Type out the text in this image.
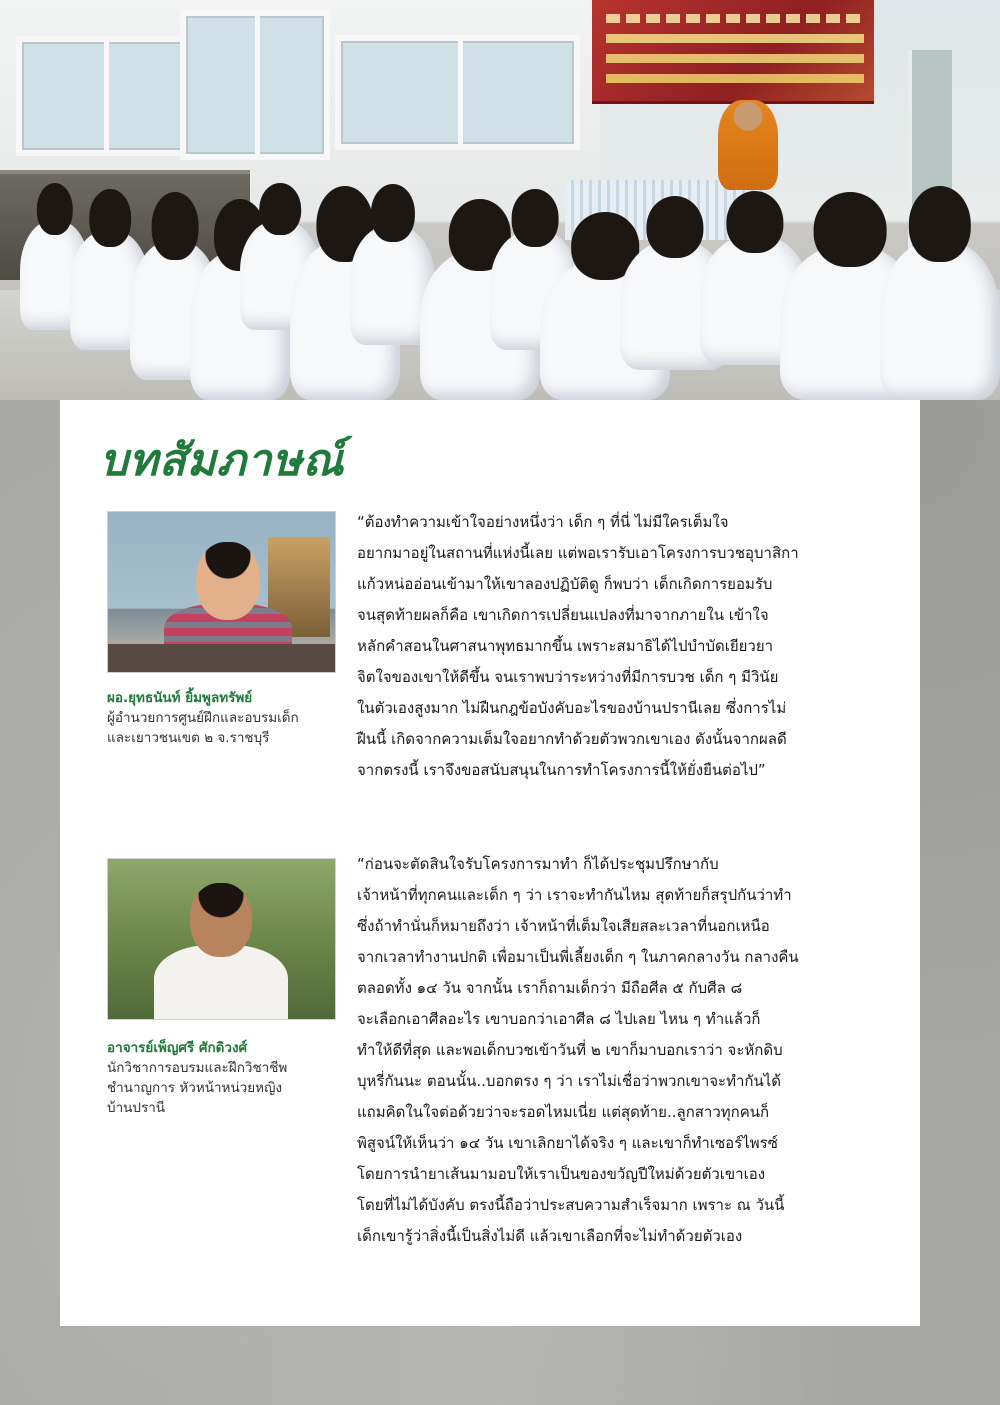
บทสัมภาษณ์
ผอ.ยุทธนันท์ ยิ้มพูลทรัพย์
ผู้อำนวยการศูนย์ฝึกและอบรมเด็ก
และเยาวชนเขต ๒ จ.ราชบุรี

“ต้องทำความเข้าใจอย่างหนึ่งว่า เด็ก ๆ ที่นี่ ไม่มีใครเต็มใจ
อยากมาอยู่ในสถานที่แห่งนี้เลย แต่พอเรารับเอาโครงการบวชอุบาสิกา
แก้วหน่ออ่อนเข้ามาให้เขาลองปฏิบัติดู ก็พบว่า เด็กเกิดการยอมรับ
จนสุดท้ายผลก็คือ เขาเกิดการเปลี่ยนแปลงที่มาจากภายใน เข้าใจ
หลักคำสอนในศาสนาพุทธมากขึ้น เพราะสมาธิได้ไปบำบัดเยียวยา
จิตใจของเขาให้ดีขึ้น จนเราพบว่าระหว่างที่มีการบวช เด็ก ๆ มีวินัย
ในตัวเองสูงมาก ไม่ฝืนกฎข้อบังคับอะไรของบ้านปรานีเลย ซึ่งการไม่
ฝืนนี้ เกิดจากความเต็มใจอยากทำด้วยตัวพวกเขาเอง ดังนั้นจากผลดี
จากตรงนี้ เราจึงขอสนับสนุนในการทำโครงการนี้ให้ยั่งยืนต่อไป”

อาจารย์เพ็ญศรี ศักดิวงศ์
นักวิชาการอบรมและฝึกวิชาชีพ
ชำนาญการ หัวหน้าหน่วยหญิง
บ้านปรานี

“ก่อนจะตัดสินใจรับโครงการมาทำ ก็ได้ประชุมปรึกษากับ
เจ้าหน้าที่ทุกคนและเด็ก ๆ ว่า เราจะทำกันไหม สุดท้ายก็สรุปกันว่าทำ
ซึ่งถ้าทำนั่นก็หมายถึงว่า เจ้าหน้าที่เต็มใจเสียสละเวลาที่นอกเหนือ
จากเวลาทำงานปกติ เพื่อมาเป็นพี่เลี้ยงเด็ก ๆ ในภาคกลางวัน กลางคืน
ตลอดทั้ง ๑๔ วัน จากนั้น เราก็ถามเด็กว่า มีถือศีล ๕ กับศีล ๘
จะเลือกเอาศีลอะไร เขาบอกว่าเอาศีล ๘ ไปเลย ไหน ๆ ทำแล้วก็
ทำให้ดีที่สุด และพอเด็กบวชเข้าวันที่ ๒ เขาก็มาบอกเราว่า จะหักดิบ
บุหรี่กันนะ ตอนนั้น..บอกตรง ๆ ว่า เราไม่เชื่อว่าพวกเขาจะทำกันได้
แถมคิดในใจต่อด้วยว่าจะรอดไหมเนี่ย แต่สุดท้าย..ลูกสาวทุกคนก็
พิสูจน์ให้เห็นว่า ๑๔ วัน เขาเลิกยาได้จริง ๆ และเขาก็ทำเซอร์ไพรซ์
โดยการนำยาเส้นมามอบให้เราเป็นของขวัญปีใหม่ด้วยตัวเขาเอง
โดยที่ไม่ได้บังคับ ตรงนี้ถือว่าประสบความสำเร็จมาก เพราะ ณ วันนี้
เด็กเขารู้ว่าสิ่งนี้เป็นสิ่งไม่ดี แล้วเขาเลือกที่จะไม่ทำด้วยตัวเอง
